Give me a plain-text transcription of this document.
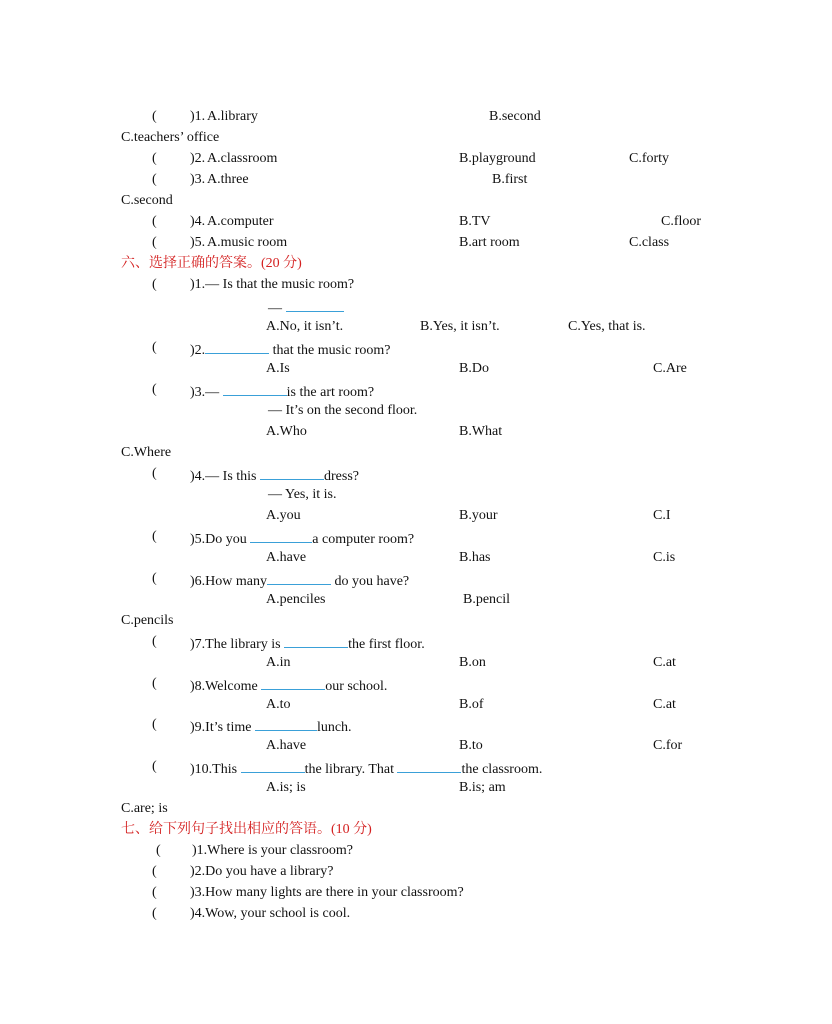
( )1. A.library	B.second
C.teachers’ office
( )2. A.classroom	B.playground	C.forty
( )3. A.three	B.first
C.second
( )4. A.computer	B.TV	C.floor
( )5. A.music room	B.art room	C.class
六、选择正确的答案。(20 分)
( )1.— Is that the music room?
—
A.No, it isn’t.	B.Yes, it isn’t.	C.Yes, that is.
( )2.	that the music room?
A.Is	B.Do	C.Are
( )3.—	is the art room?
— It’s on the second floor.
A.Who	B.What
C.Where
( )4.— Is this	dress?
— Yes, it is.
A.you	B.your	C.I
( )5.Do you	a computer room?
A.have	B.has	C.is
( )6.How many	do you have?
A.penciles	B.pencil
C.pencils
( )7.The library is	the first floor.
A.in	B.on	C.at
( )8.Welcome	our school.
A.to	B.of	C.at
( )9.It’s time	lunch.
A.have	B.to	C.for
( )10.This	the library. That	the classroom.
A.is; is	B.is; am
C.are; is
七、给下列句子找出相应的答语。(10 分)
( )1.Where is your classroom?
( )2.Do you have a library?
( )3.How many lights are there in your classroom?
( )4.Wow, your school is cool.
